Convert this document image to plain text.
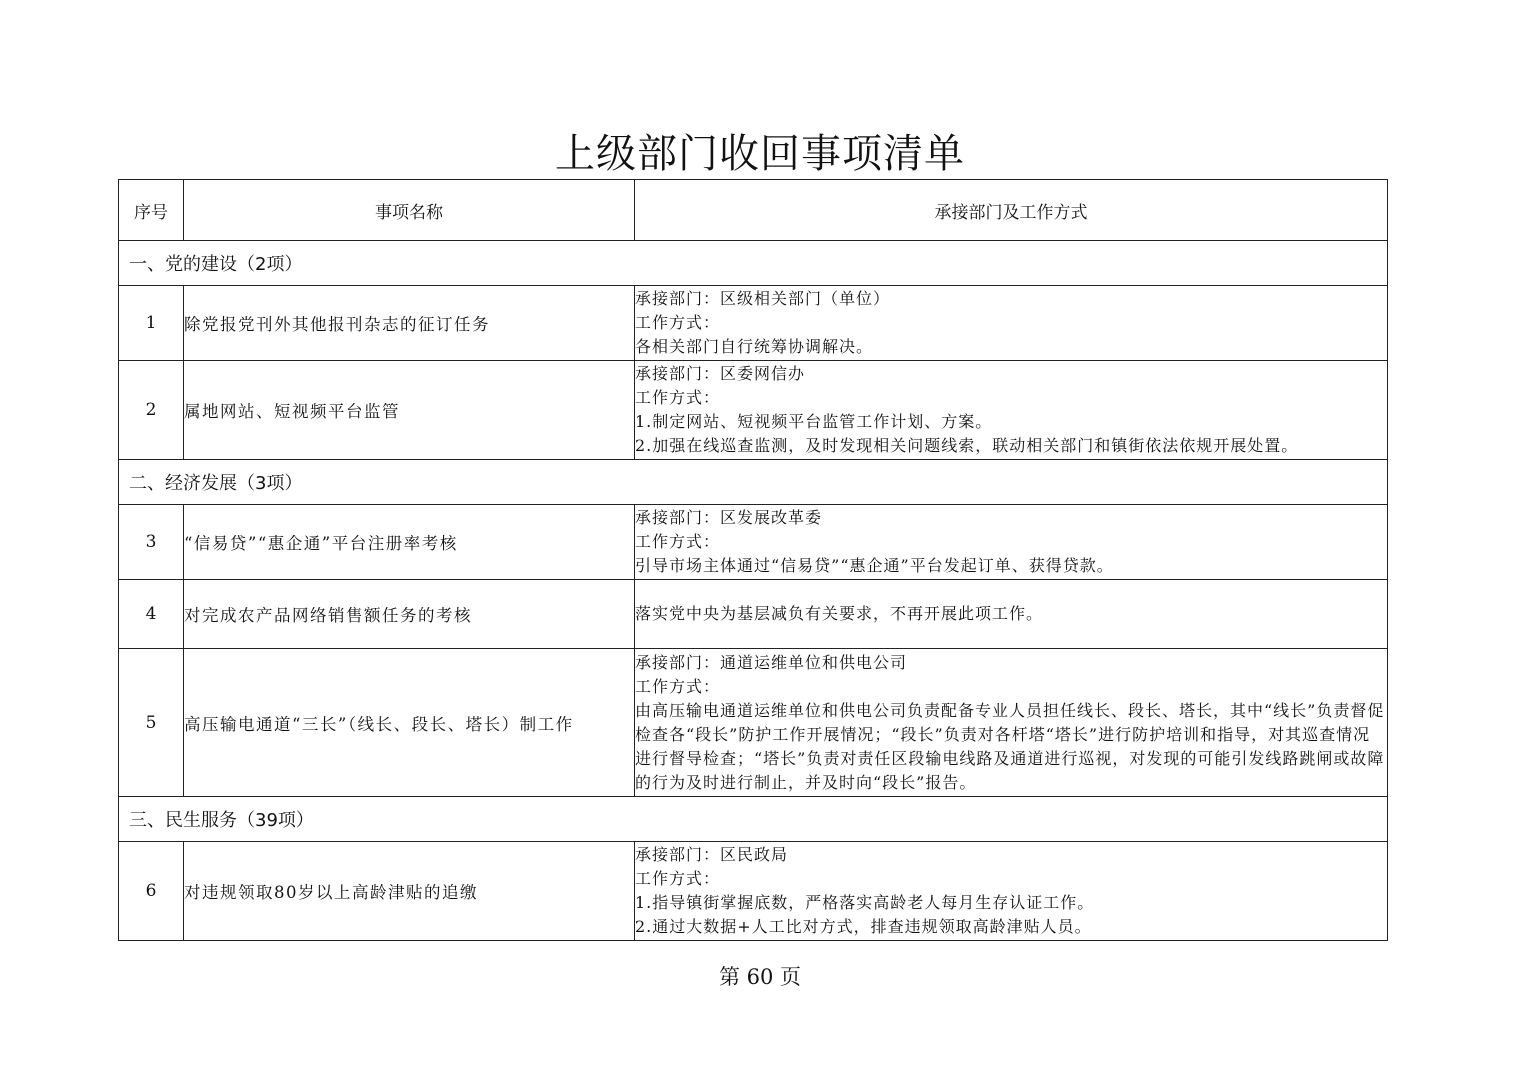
上级部门收回事项清单
序号	事项名称	承接部门及工作方式
一、党的建设（2项）		
1	除党报党刊外其他报刊杂志的征订任务	承接部门：区级相关部门（单位）
工作方式：
各相关部门自行统筹协调解决。

2	属地网站、短视频平台监管	承接部门：区委网信办
工作方式：
1.制定网站、短视频平台监管工作计划、方案。
2.加强在线巡查监测，及时发现相关问题线索，联动相关部门和镇街依法依规开展处置。

二、经济发展（3项）		
3	“信易贷”“惠企通”平台注册率考核	承接部门：区发展改革委
工作方式：
引导市场主体通过“信易贷”“惠企通”平台发起订单、获得贷款。

4	对完成农产品网络销售额任务的考核	落实党中央为基层减负有关要求，不再开展此项工作。

5	高压输电通道“三长”（线长、段长、塔长）制工作	承接部门：通道运维单位和供电公司
工作方式：
由高压输电通道运维单位和供电公司负责配备专业人员担任线长、段长、塔长，其中“线长”负责督促检查各“段长”防护工作开展情况；“段长”负责对各杆塔“塔长”进行防护培训和指导，对其巡查情况进行督导检查；“塔长”负责对责任区段输电线路及通道进行巡视，对发现的可能引发线路跳闸或故障的行为及时进行制止，并及时向“段长”报告。

三、民生服务（39项）		
6	对违规领取80岁以上高龄津贴的追缴	承接部门：区民政局
工作方式：
1.指导镇街掌握底数，严格落实高龄老人每月生存认证工作。
2.通过大数据+人工比对方式，排查违规领取高龄津贴人员。
第 60 页
